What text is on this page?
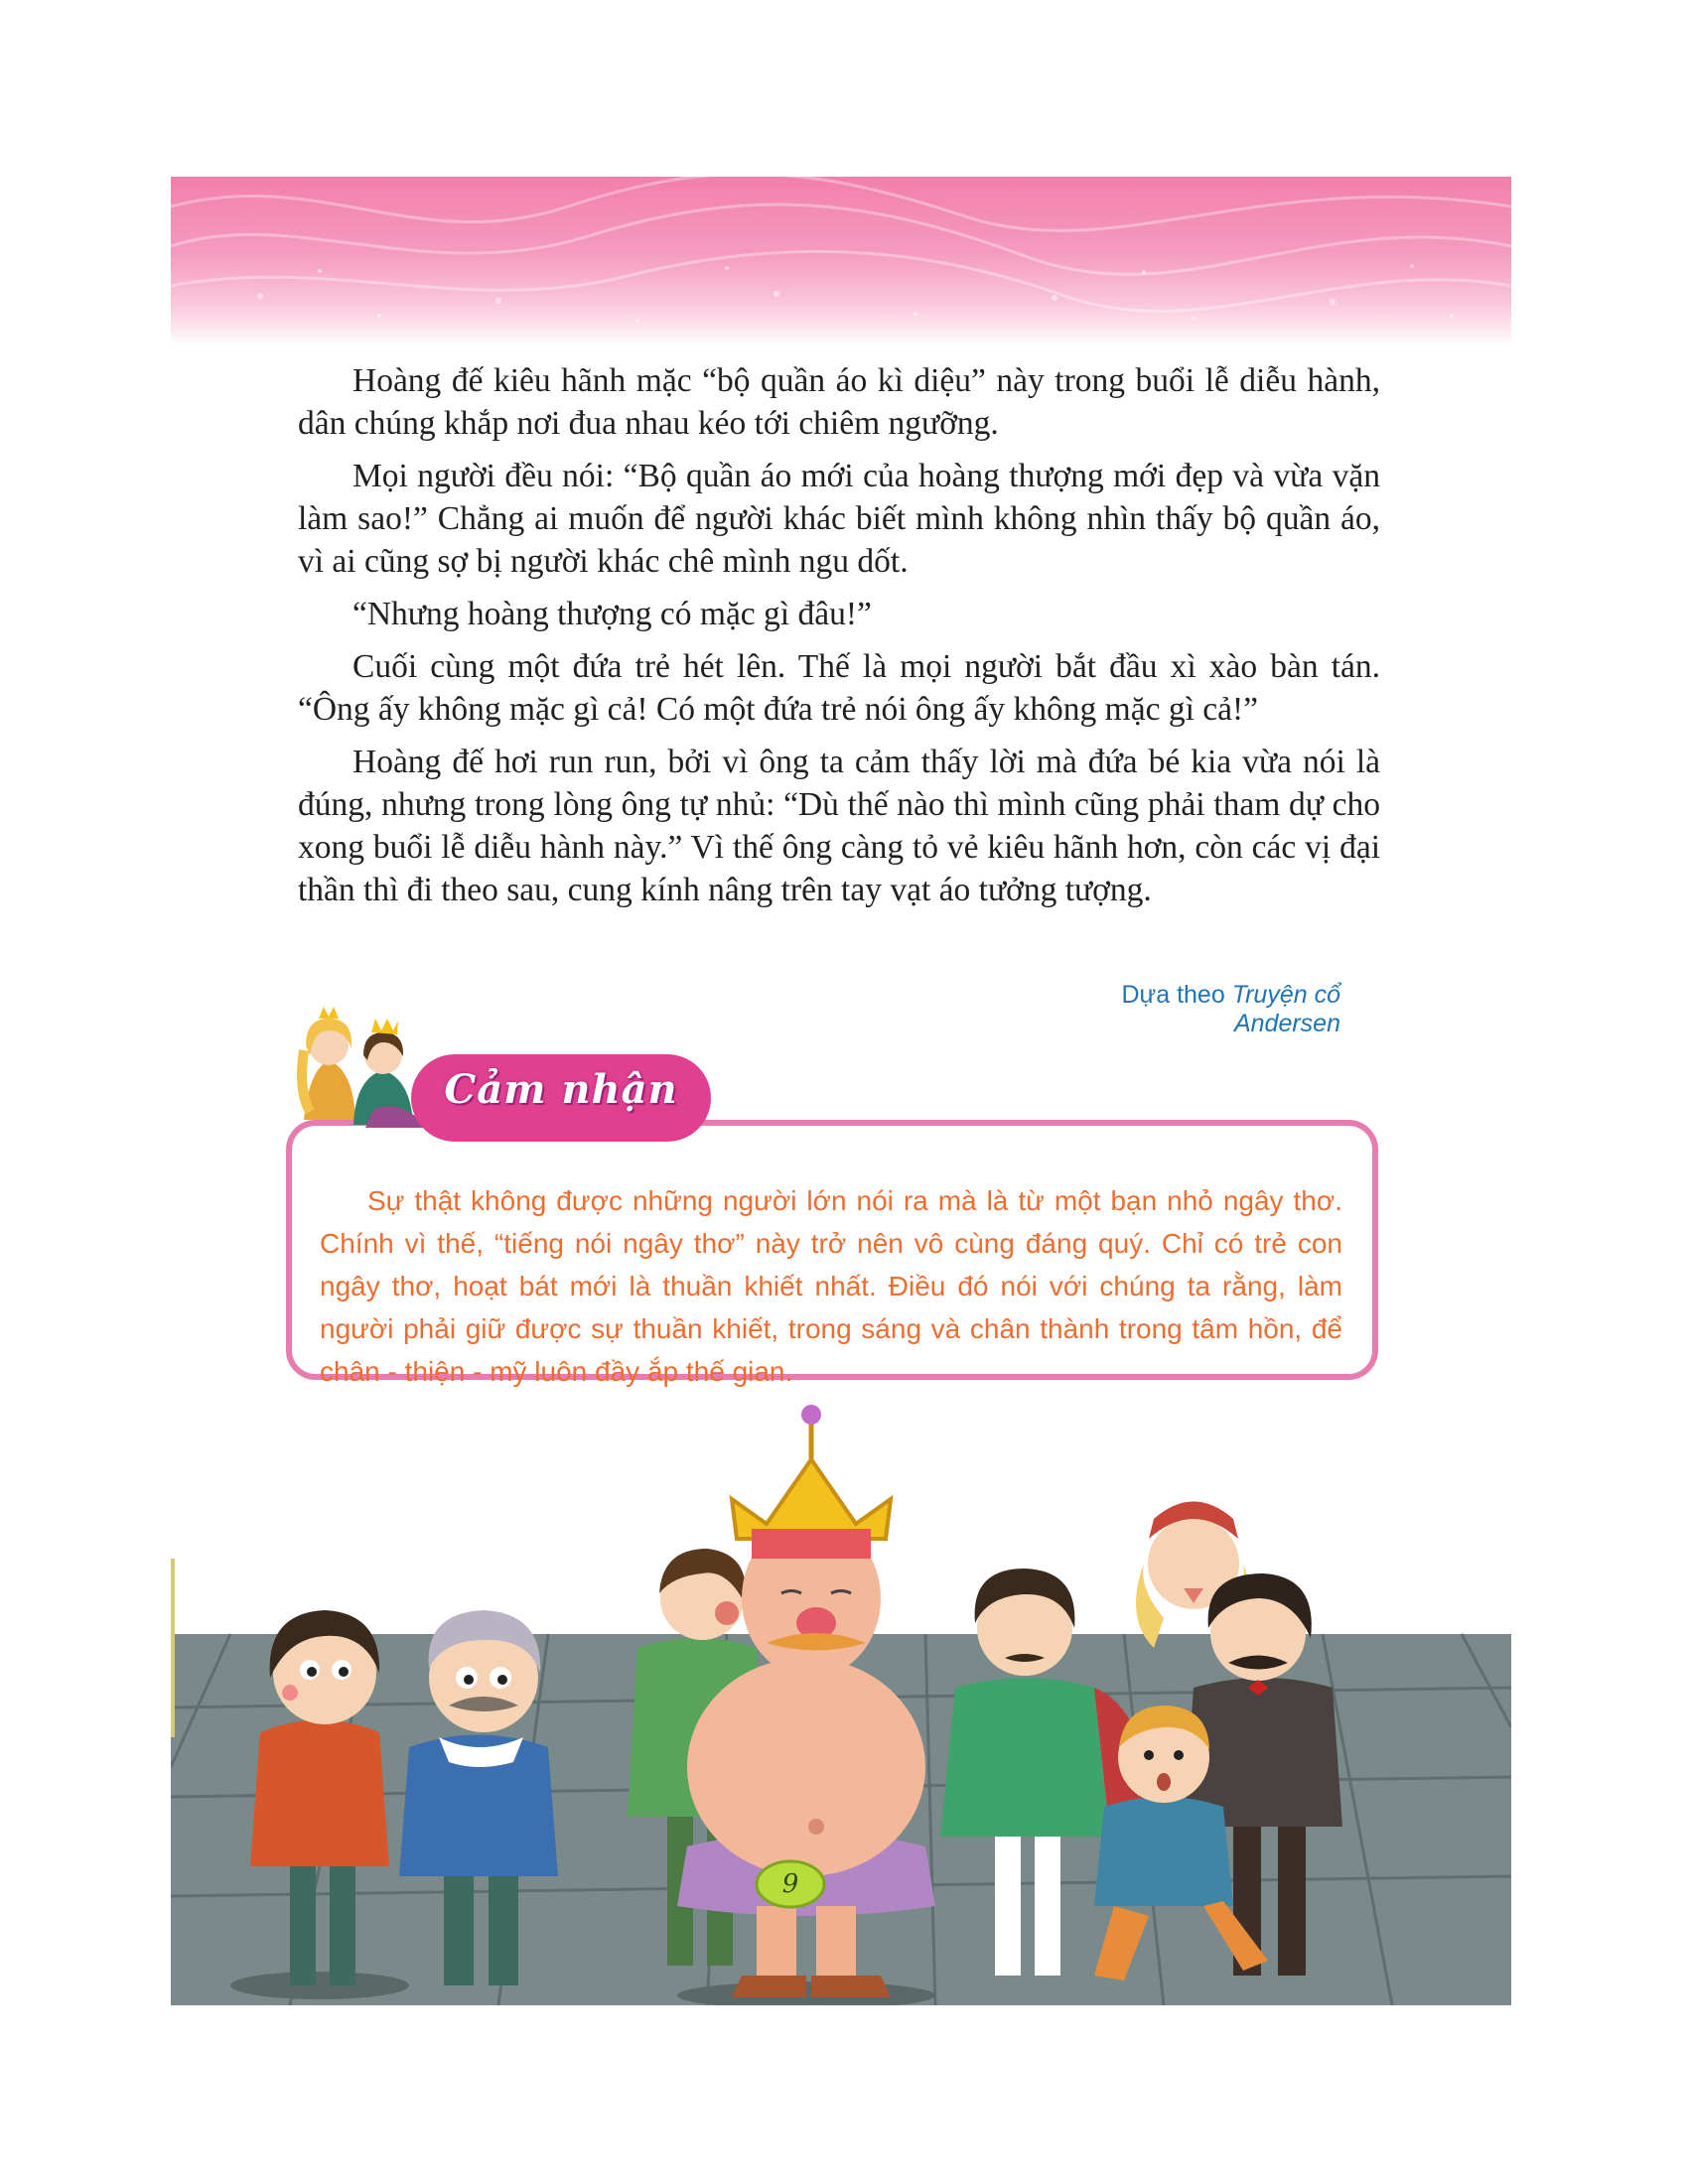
Hoàng đế kiêu hãnh mặc “bộ quần áo kì diệu” này trong buổi lễ diễu hành, dân chúng khắp nơi đua nhau kéo tới chiêm ngưỡng.

Mọi người đều nói: “Bộ quần áo mới của hoàng thượng mới đẹp và vừa vặn làm sao!” Chẳng ai muốn để người khác biết mình không nhìn thấy bộ quần áo, vì ai cũng sợ bị người khác chê mình ngu dốt.

“Nhưng hoàng thượng có mặc gì đâu!”

Cuối cùng một đứa trẻ hét lên. Thế là mọi người bắt đầu xì xào bàn tán. “Ông ấy không mặc gì cả! Có một đứa trẻ nói ông ấy không mặc gì cả!”

Hoàng đế hơi run run, bởi vì ông ta cảm thấy lời mà đứa bé kia vừa nói là đúng, nhưng trong lòng ông tự nhủ: “Dù thế nào thì mình cũng phải tham dự cho xong buổi lễ diễu hành này.” Vì thế ông càng tỏ vẻ kiêu hãnh hơn, còn các vị đại thần thì đi theo sau, cung kính nâng trên tay vạt áo tưởng tượng.

Dựa theo Truyện cổ Andersen
Cảm nhận
Sự thật không được những người lớn nói ra mà là từ một bạn nhỏ ngây thơ. Chính vì thế, “tiếng nói ngây thơ” này trở nên vô cùng đáng quý. Chỉ có trẻ con ngây thơ, hoạt bát mới là thuần khiết nhất. Điều đó nói với chúng ta rằng, làm người phải giữ được sự thuần khiết, trong sáng và chân thành trong tâm hồn, để chân - thiện - mỹ luôn đầy ắp thế gian.
9
